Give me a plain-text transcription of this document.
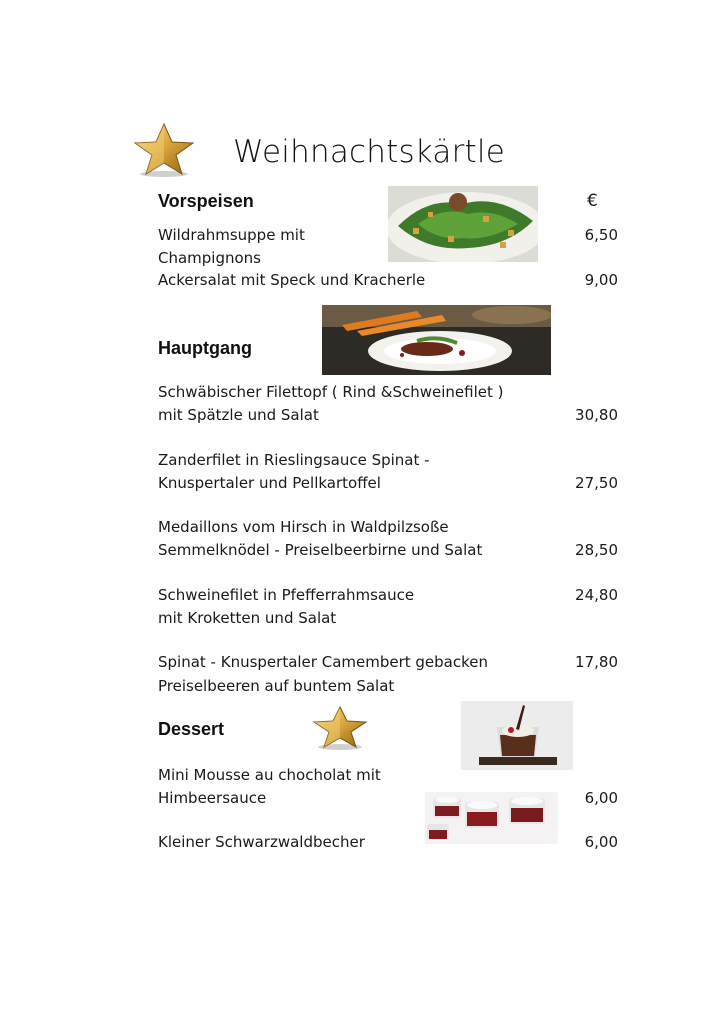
Weihnachtskärtle
Vorspeisen	€
Wildrahmsuppe mit
Champignons
6,50
Ackersalat mit Speck und Kracherle	9,00
Hauptgang
Schwäbischer Filettopf ( Rind &Schweinefilet )
mit Spätzle und Salat	30,80
Zanderfilet in Rieslingsauce Spinat -
Knuspertaler und Pellkartoffel	27,50
Medaillons vom Hirsch in Waldpilzsoße
Semmelknödel - Preiselbeerbirne und Salat	28,50
Schweinefilet in Pfefferrahmsauce
mit Kroketten und Salat
24,80
Spinat - Knuspertaler Camembert gebacken
Preiselbeeren auf buntem Salat
17,80
Dessert
Mini Mousse au chocholat mit
Himbeersauce	6,00
Kleiner Schwarzwaldbecher	6,00
